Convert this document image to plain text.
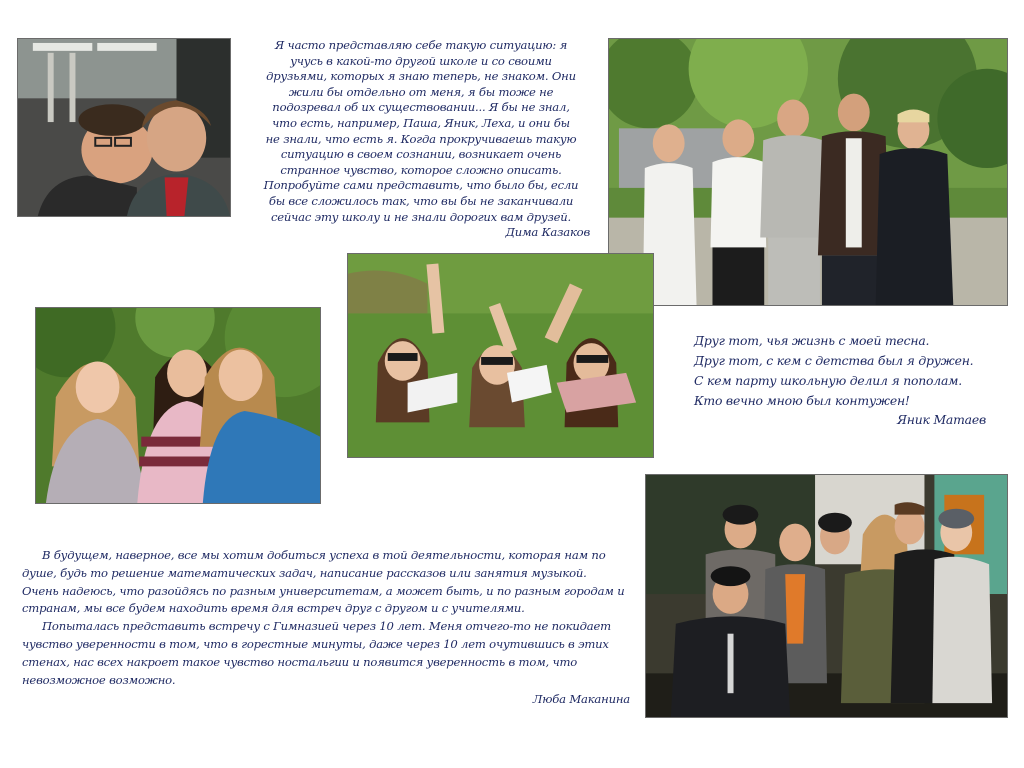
Я часто представляю себе такую ситуацию: я
учусь в какой-то другой школе и со своими
друзьями, которых я знаю теперь, не знаком. Они
жили бы отдельно от меня, я бы тоже не
подозревал об их существовании... Я бы не знал,
что есть, например, Паша, Яник, Леха, и они бы
не знали, что есть я. Когда прокручиваешь такую
ситуацию в своем сознании, возникает очень
странное чувство, которое сложно описать.
Попробуйте сами представить, что было бы, если
бы все сложилось так, что вы бы не заканчивали
сейчас эту школу и не знали дорогих вам друзей.
Дима Казаков
Друг тот, чья жизнь с моей тесна.
Друг тот, с кем с детства был я дружен.
С кем парту школьную делил я пополам.
Кто вечно мною был контужен!
Яник Матаев
В будущем, наверное, все мы хотим добиться успеха в той деятельности, которая нам по
душе, будь то решение математических задач, написание рассказов или занятия музыкой.
Очень надеюсь, что разойдясь по разным университетам, а может быть, и по разным городам и
странам, мы все будем находить время для встреч друг с другом и с учителями.
Попыталась представить встречу с Гимназией через 10 лет. Меня отчего-то не покидает
чувство уверенности в том, что в горестные минуты, даже через 10 лет очутившись в этих
стенах, нас всех накроет такое чувство ностальгии и появится уверенность в том, что
невозможное возможно.
Люба Маканина
